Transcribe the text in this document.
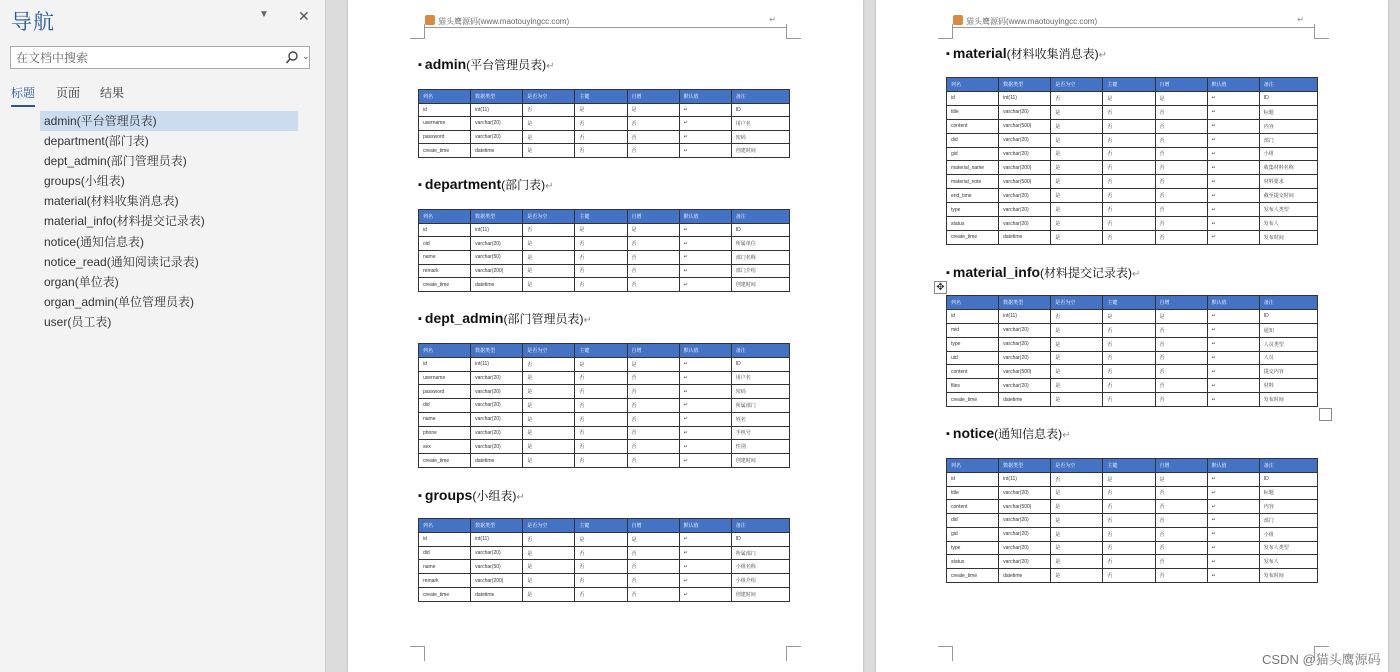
导航	▼ ✕
在文档中搜索
⌄
标题 页面 结果
admin(平台管理员表)
department(部门表)
dept_admin(部门管理员表)
groups(小组表)
material(材料收集消息表)
material_info(材料提交记录表)
notice(通知信息表)
notice_read(通知阅读记录表)
organ(单位表)
organ_admin(单位管理员表)
user(员工表)
猫头鹰源码(www.maotouyingcc.com)	↵
▪ admin(平台管理员表)↵
列名	数据类型	是否为空	主键	自增	默认值	备注
id	int(11)	否	是	是	↵	ID
username	varchar(20)	是	否	否	↵	用户名
password	varchar(20)	是	否	否	↵	密码
create_time	datetime	是	否	否	↵	创建时间
▪ department(部门表)↵
列名	数据类型	是否为空	主键	自增	默认值	备注
id	int(11)	否	是	是	↵	ID
oid	varchar(20)	是	否	否	↵	所属单位
name	varchar(50)	是	否	否	↵	部门名称
remark	varchar(200)	是	否	否	↵	部门介绍
create_time	datetime	是	否	否	↵	创建时间
▪ dept_admin(部门管理员表)↵
列名	数据类型	是否为空	主键	自增	默认值	备注
id	int(11)	否	是	是	↵	ID
username	varchar(20)	是	否	否	↵	用户名
password	varchar(20)	是	否	否	↵	密码
did	varchar(20)	是	否	否	↵	所属部门
name	varchar(20)	是	否	否	↵	姓名
phone	varchar(20)	是	否	否	↵	手机号
sex	varchar(20)	是	否	否	↵	性别
create_time	datetime	是	否	否	↵	创建时间
▪ groups(小组表)↵
列名	数据类型	是否为空	主键	自增	默认值	备注
id	int(11)	否	是	是	↵	ID
did	varchar(20)	是	否	否	↵	所属部门
name	varchar(50)	是	否	否	↵	小组名称
remark	varchar(200)	是	否	否	↵	小组介绍
create_time	datetime	是	否	否	↵	创建时间
猫头鹰源码(www.maotouyingcc.com)	↵
▪ material(材料收集消息表)↵
列名	数据类型	是否为空	主键	自增	默认值	备注
id	int(11)	否	是	是	↵	ID
title	varchar(20)	是	否	否	↵	标题
content	varchar(500)	是	否	否	↵	内容
did	varchar(20)	是	否	否	↵	部门
gid	varchar(20)	是	否	否	↵	小组
material_name	varchar(200)	是	否	否	↵	收集材料名称
material_note	varchar(500)	是	否	否	↵	材料要求
end_time	varchar(20)	是	否	否	↵	截至提交时间
type	varchar(20)	是	否	否	↵	发布人类型
status	varchar(20)	是	否	否	↵	发布人
create_time	datetime	是	否	否	↵	发布时间
▪ material_info(材料提交记录表)↵
列名	数据类型	是否为空	主键	自增	默认值	备注
id	int(11)	否	是	是	↵	ID
mid	varchar(20)	是	否	否	↵	通知
type	varchar(20)	是	否	否	↵	人员类型
uid	varchar(20)	是	否	否	↵	人员
content	varchar(500)	是	否	否	↵	提交内容
files	varchar(20)	是	否	否	↵	材料
create_time	datetime	是	否	否	↵	发布时间
▪ notice(通知信息表)↵
列名	数据类型	是否为空	主键	自增	默认值	备注
id	int(11)	否	是	是	↵	ID
title	varchar(20)	是	否	否	↵	标题
content	varchar(500)	是	否	否	↵	内容
did	varchar(20)	是	否	否	↵	部门
gid	varchar(20)	是	否	否	↵	小组
type	varchar(20)	是	否	否	↵	发布人类型
status	varchar(20)	是	否	否	↵	发布人
create_time	datetime	是	否	否	↵	发布时间
✥
CSDN @猫头鹰源码
